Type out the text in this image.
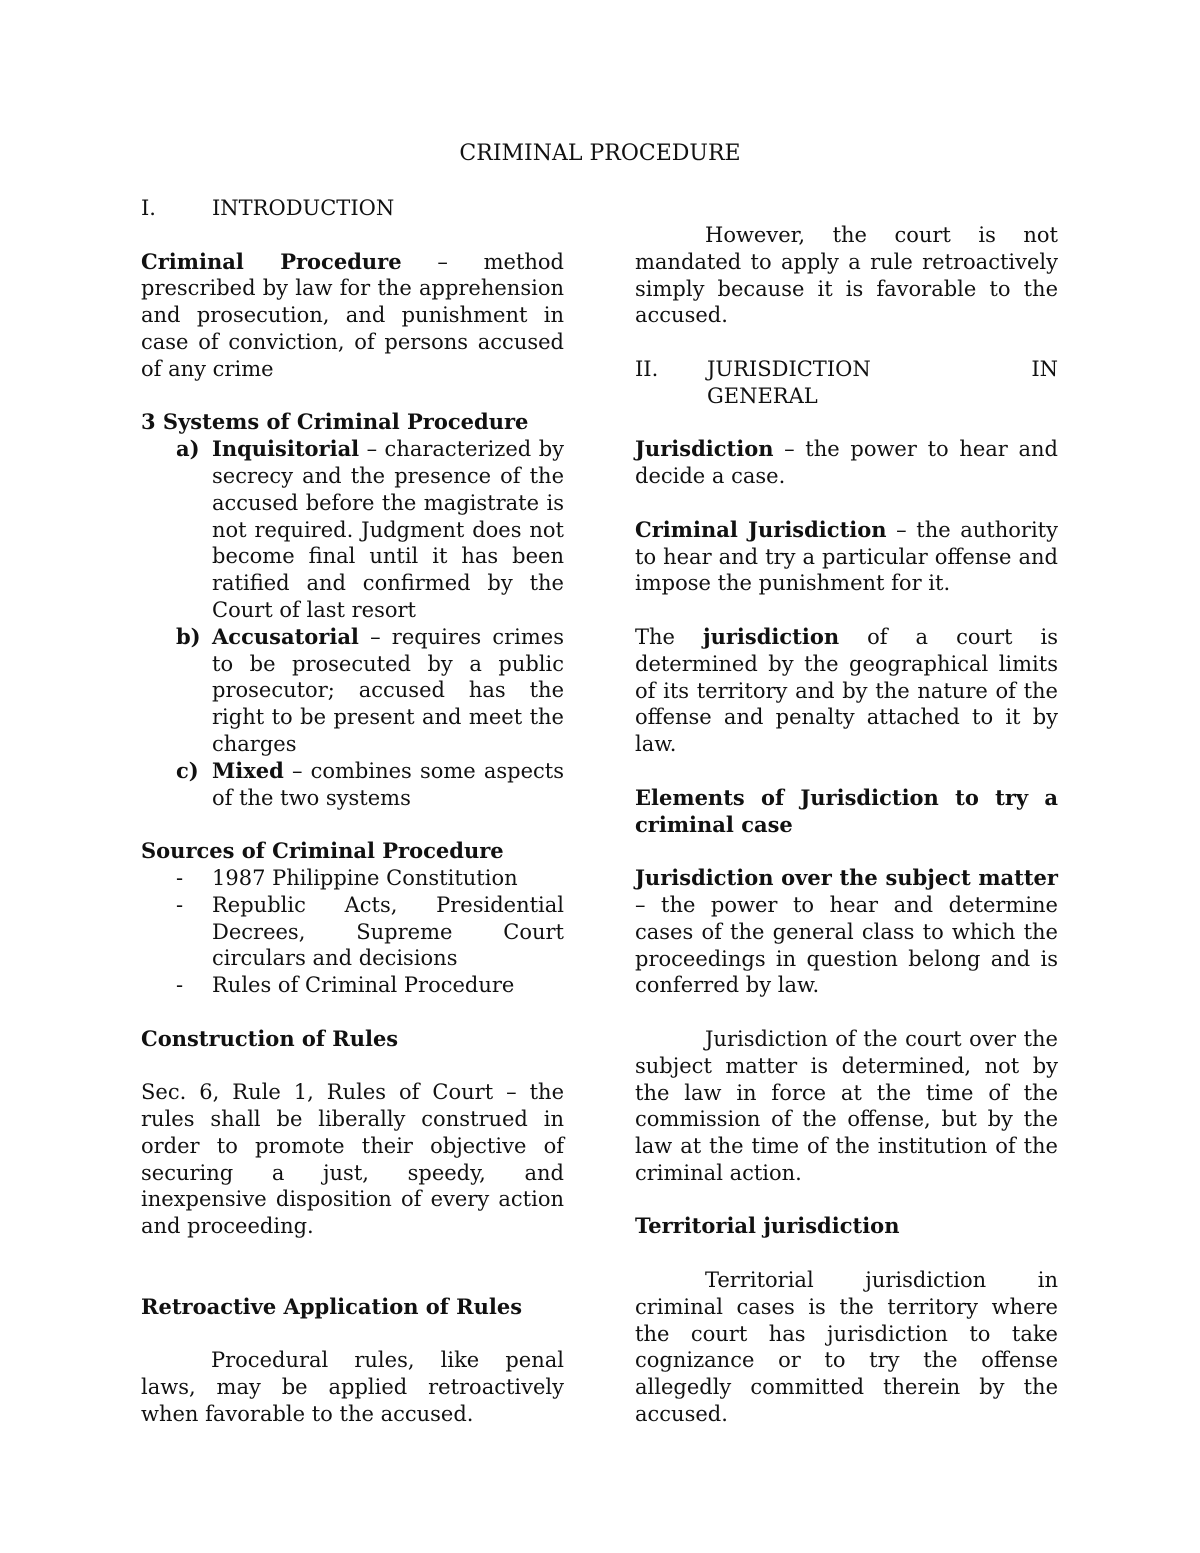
CRIMINAL PROCEDURE
I.	INTRODUCTION

Criminal Procedure – method prescribed by law for the apprehension and prosecution, and punishment in case of conviction, of persons accused of any crime

3 Systems of Criminal Procedure

a) Inquisitorial – characterized by secrecy and the presence of the accused before the magistrate is not required. Judgment does not become final until it has been ratified and confirmed by the Court of last resort
b) Accusatorial – requires crimes to be prosecuted by a public prosecutor; accused has the right to be present and meet the charges
c) Mixed – combines some aspects of the two systems

Sources of Criminal Procedure

-	1987 Philippine Constitution
-	Republic Acts, Presidential Decrees, Supreme Court circulars and decisions
-	Rules of Criminal Procedure

Construction of Rules

Sec. 6, Rule 1, Rules of Court – the rules shall be liberally construed in order to promote their objective of securing a just, speedy, and inexpensive disposition of every action and proceeding.

Retroactive Application of Rules

Procedural rules, like penal laws, may be applied retroactively when favorable to the accused.

However, the court is not mandated to apply a rule retroactively simply because it is favorable to the accused.

II.	JURISDICTION	IN
GENERAL

Jurisdiction – the power to hear and decide a case.

Criminal Jurisdiction – the authority to hear and try a particular offense and impose the punishment for it.

The jurisdiction of a court is determined by the geographical limits of its territory and by the nature of the offense and penalty attached to it by law.

Elements of Jurisdiction to try a criminal case

Jurisdiction over the subject matter – the power to hear and determine cases of the general class to which the proceedings in question belong and is conferred by law.

Jurisdiction of the court over the subject matter is determined, not by the law in force at the time of the commission of the offense, but by the law at the time of the institution of the criminal action.

Territorial jurisdiction

Territorial jurisdiction in criminal cases is the territory where the court has jurisdiction to take cognizance or to try the offense allegedly committed therein by the accused.
